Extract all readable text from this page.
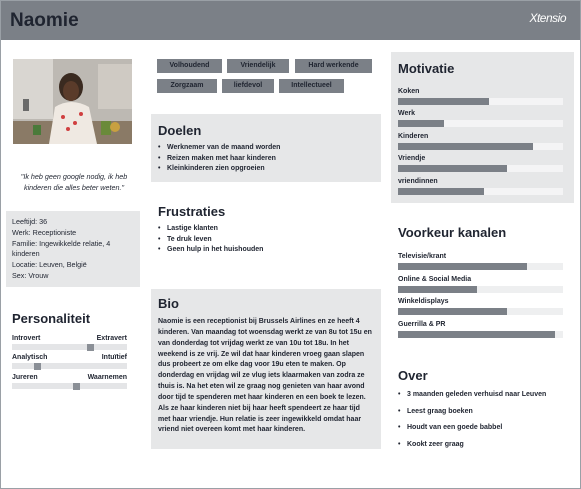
Naomie	Xtensio
"Ik heb geen google nodig, ik heb kinderen die alles beter weten."
Leeftijd: 36
Werk: Receptioniste
Familie: Ingewikkelde relatie, 4 kinderen
Locatie: Leuven, België
Sex: Vrouw
Personaliteit
Introvert	Extravert
Analytisch	Intuïtief
Jureren	Waarnemen
Volhoudend	Vriendelijk	Hard werkende
Zorgzaam	liefdevol	Intellectueel
Doelen
• Werknemer van de maand worden
• Reizen maken met haar kinderen
• Kleinkinderen zien opgroeien
Frustraties
• Lastige klanten
• Te druk leven
• Geen hulp in het huishouden
Bio
Naomie is een receptionist bij Brussels Airlines en ze heeft 4 kinderen. Van maandag tot woensdag werkt ze van 8u tot 15u en van donderdag tot vrijdag werkt ze van 10u tot 18u. In het weekend is ze vrij. Ze wil dat haar kinderen vroeg gaan slapen dus probeert ze om elke dag voor 19u eten te maken. Op donderdag en vrijdag wil ze vlug iets klaarmaken van zodra ze thuis is. Na het eten wil ze graag nog genieten van haar avond door tijd te spenderen met haar kinderen en een boek te lezen.
Als ze haar kinderen niet bij haar heeft spendeert ze haar tijd met haar vriendje. Hun relatie is zeer ingewikkeld omdat haar vriend niet overeen komt met haar kinderen.
Motivatie
Koken
Werk
Kinderen
Vriendje
vriendinnen
Voorkeur kanalen
Televisie/krant
Online & Social Media
Winkeldisplays
Guerrilla & PR
Over
• 3 maanden geleden verhuisd naar Leuven
• Leest graag boeken
• Houdt van een goede babbel
• Kookt zeer graag
